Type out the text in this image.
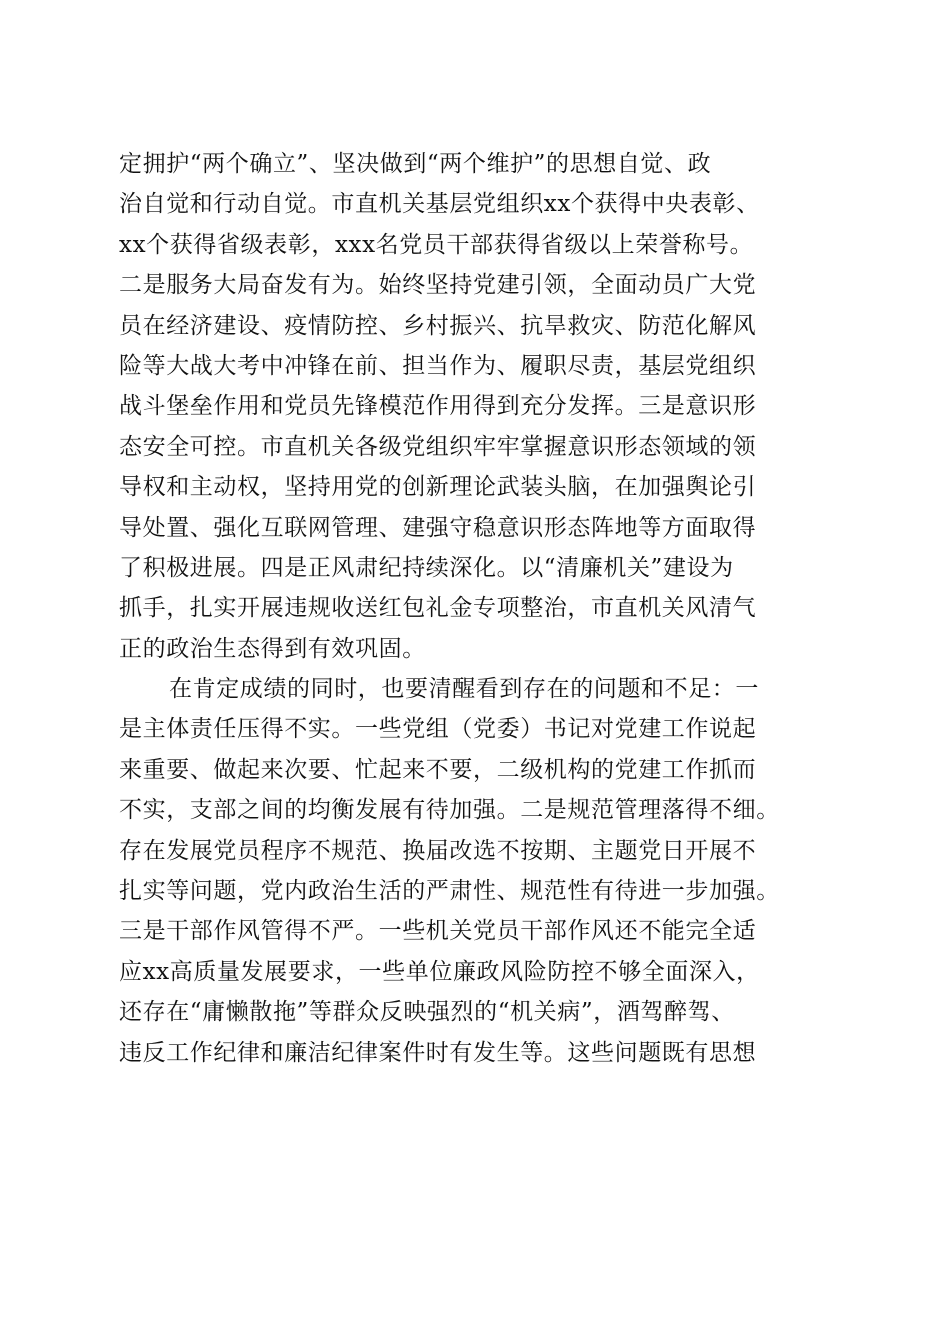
定拥护“两个确立”、坚决做到“两个维护”的思想自觉、政
治自觉和行动自觉。市直机关基层党组织xx个获得中央表彰、
xx个获得省级表彰，xxx名党员干部获得省级以上荣誉称号。
二是服务大局奋发有为。始终坚持党建引领，全面动员广大党
员在经济建设、疫情防控、乡村振兴、抗旱救灾、防范化解风
险等大战大考中冲锋在前、担当作为、履职尽责，基层党组织
战斗堡垒作用和党员先锋模范作用得到充分发挥。三是意识形
态安全可控。市直机关各级党组织牢牢掌握意识形态领域的领
导权和主动权，坚持用党的创新理论武装头脑，在加强舆论引
导处置、强化互联网管理、建强守稳意识形态阵地等方面取得
了积极进展。四是正风肃纪持续深化。以“清廉机关”建设为
抓手，扎实开展违规收送红包礼金专项整治，市直机关风清气
正的政治生态得到有效巩固。
在肯定成绩的同时，也要清醒看到存在的问题和不足：一
是主体责任压得不实。一些党组（党委）书记对党建工作说起
来重要、做起来次要、忙起来不要，二级机构的党建工作抓而
不实，支部之间的均衡发展有待加强。二是规范管理落得不细。
存在发展党员程序不规范、换届改选不按期、主题党日开展不
扎实等问题，党内政治生活的严肃性、规范性有待进一步加强。
三是干部作风管得不严。一些机关党员干部作风还不能完全适
应xx高质量发展要求，一些单位廉政风险防控不够全面深入，
还存在“庸懒散拖”等群众反映强烈的“机关病”，酒驾醉驾、
违反工作纪律和廉洁纪律案件时有发生等。这些问题既有思想
